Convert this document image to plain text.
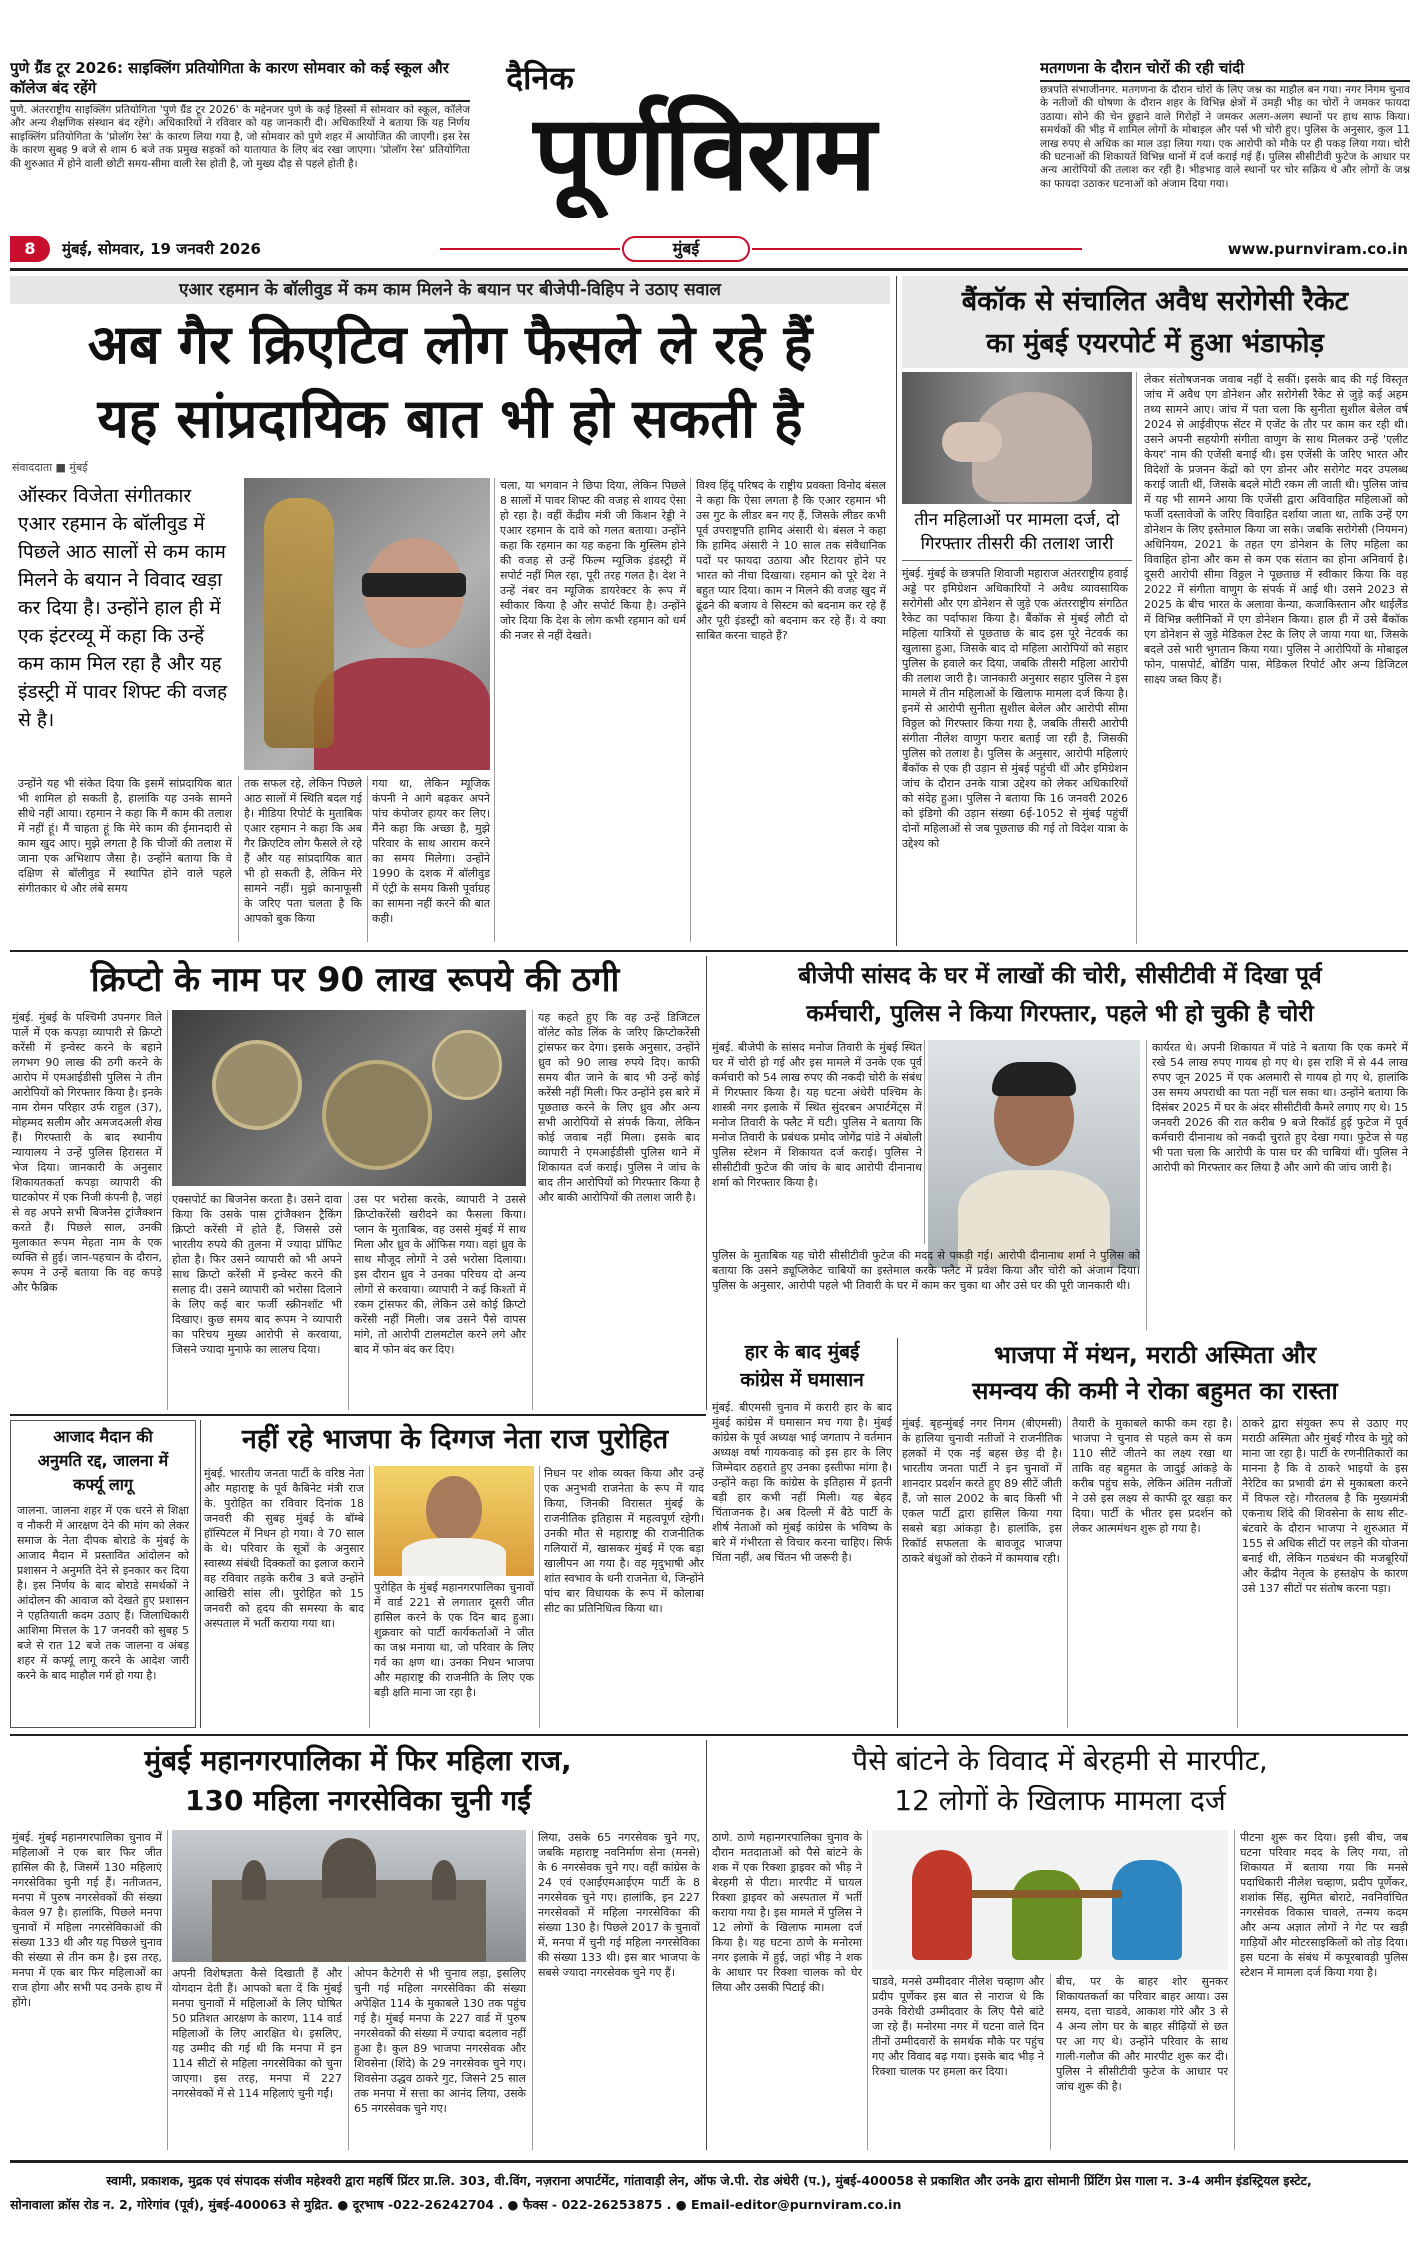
पुणे ग्रैंड टूर 2026: साइक्लिंग प्रतियोगिता के कारण सोमवार को कई स्कूल और कॉलेज बंद रहेंगे
पुणे. अंतरराष्ट्रीय साइक्लिंग प्रतियोगिता 'पुणे ग्रैंड टूर 2026' के मद्देनजर पुणे के कई हिस्सों में सोमवार को स्कूल, कॉलेज और अन्य शैक्षणिक संस्थान बंद रहेंगे। अधिकारियों ने रविवार को यह जानकारी दी। अधिकारियों ने बताया कि यह निर्णय साइक्लिंग प्रतियोगिता के 'प्रोलॉग रेस' के कारण लिया गया है, जो सोमवार को पुणे शहर में आयोजित की जाएगी। इस रेस के कारण सुबह 9 बजे से शाम 6 बजे तक प्रमुख सड़कों को यातायात के लिए बंद रखा जाएगा। 'प्रोलॉग रेस' प्रतियोगिता की शुरुआत में होने वाली छोटी समय-सीमा वाली रेस होती है, जो मुख्य दौड़ से पहले होती है।
दैनिक
पूर्णविराम
मतगणना के दौरान चोरों की रही चांदी
छत्रपति संभाजीनगर. मतगणना के दौरान चोरों के लिए जश्न का माहौल बन गया। नगर निगम चुनाव के नतीजों की घोषणा के दौरान शहर के विभिन्न क्षेत्रों में उमड़ी भीड़ का चोरों ने जमकर फायदा उठाया। सोने की चेन छुड़ाने वाले गिरोहों ने जमकर अलग-अलग स्थानों पर हाथ साफ किया। समर्थकों की भीड़ में शामिल लोगों के मोबाइल और पर्स भी चोरी हुए। पुलिस के अनुसार, कुल 11 लाख रुपए से अधिक का माल उड़ा लिया गया। एक आरोपी को मौके पर ही पकड़ लिया गया। चोरी की घटनाओं की शिकायतें विभिन्न थानों में दर्ज कराई गई हैं। पुलिस सीसीटीवी फुटेज के आधार पर अन्य आरोपियों की तलाश कर रही है। भीड़भाड़ वाले स्थानों पर चोर सक्रिय थे और लोगों के जश्न का फायदा उठाकर घटनाओं को अंजाम दिया गया।
8	मुंबई, सोमवार, 19 जनवरी 2026	मुंबई	www.purnviram.co.in
एआर रहमान के बॉलीवुड में कम काम मिलने के बयान पर बीजेपी-विहिप ने उठाए सवाल
अब गैर क्रिएटिव लोग फैसले ले रहे हैं
यह सांप्रदायिक बात भी हो सकती है
संवाददाता ■ मुंबई
ऑस्कर विजेता संगीतकार एआर रहमान के बॉलीवुड में पिछले आठ सालों से कम काम मिलने के बयान ने विवाद खड़ा कर दिया है। उन्होंने हाल ही में एक इंटरव्यू में कहा कि उन्हें कम काम मिल रहा है और यह इंडस्ट्री में पावर शिफ्ट की वजह से है।
उन्होंने यह भी संकेत दिया कि इसमें सांप्रदायिक बात भी शामिल हो सकती है, हालांकि यह उनके सामने सीधे नहीं आया। रहमान ने कहा कि मैं काम की तलाश में नहीं हूं। मैं चाहता हूं कि मेरे काम की ईमानदारी से काम खुद आए। मुझे लगता है कि चीजों की तलाश में जाना एक अभिशाप जैसा है। उन्होंने बताया कि वे दक्षिण से बॉलीवुड में स्थापित होने वाले पहले संगीतकार थे और लंबे समय
तक सफल रहे, लेकिन पिछले आठ सालों में स्थिति बदल गई है। मीडिया रिपोर्ट के मुताबिक एआर रहमान ने कहा कि अब गैर क्रिएटिव लोग फैसले ले रहे हैं और यह सांप्रदायिक बात भी हो सकती है, लेकिन मेरे सामने नहीं। मुझे कानाफूसी के जरिए पता चलता है कि आपको बुक किया
गया था, लेकिन म्यूजिक कंपनी ने आगे बढ़कर अपने पांच कंपोजर हायर कर लिए। मैंने कहा कि अच्छा है, मुझे परिवार के साथ आराम करने का समय मिलेगा। उन्होंने 1990 के दशक में बॉलीवुड में एंट्री के समय किसी पूर्वाग्रह का सामना नहीं करने की बात कही।
चला, या भगवान ने छिपा दिया, लेकिन पिछले 8 सालों में पावर शिफ्ट की वजह से शायद ऐसा हो रहा है। वहीं केंद्रीय मंत्री जी किशन रेड्डी ने एआर रहमान के दावे को गलत बताया। उन्होंने कहा कि रहमान का यह कहना कि मुस्लिम होने की वजह से उन्हें फिल्म म्यूजिक इंडस्ट्री में सपोर्ट नहीं मिल रहा, पूरी तरह गलत है। देश ने उन्हें नंबर वन म्यूजिक डायरेक्टर के रूप में स्वीकार किया है और सपोर्ट किया है। उन्होंने जोर दिया कि देश के लोग कभी रहमान को धर्म की नजर से नहीं देखते।
विश्व हिंदू परिषद के राष्ट्रीय प्रवक्ता विनोद बंसल ने कहा कि ऐसा लगता है कि एआर रहमान भी उस गुट के लीडर बन गए हैं, जिसके लीडर कभी पूर्व उपराष्ट्रपति हामिद अंसारी थे। बंसल ने कहा कि हामिद अंसारी ने 10 साल तक संवैधानिक पदों पर फायदा उठाया और रिटायर होने पर भारत को नीचा दिखाया। रहमान को पूरे देश ने बहुत प्यार दिया। काम न मिलने की वजह खुद में ढूंढने की बजाय वे सिस्टम को बदनाम कर रहे हैं और पूरी इंडस्ट्री को बदनाम कर रहे हैं। ये क्या साबित करना चाहते हैं?
बैंकॉक से संचालित अवैध सरोगेसी रैकेट
का मुंबई एयरपोर्ट में हुआ भंडाफोड़
तीन महिलाओं पर मामला दर्ज, दो गिरफ्तार तीसरी की तलाश जारी
मुंबई. मुंबई के छत्रपति शिवाजी महाराज अंतरराष्ट्रीय हवाई अड्डे पर इमिग्रेशन अधिकारियों ने अवैध व्यावसायिक सरोगेसी और एग डोनेशन से जुड़े एक अंतरराष्ट्रीय संगठित रैकेट का पर्दाफाश किया है। बैंकॉक से मुंबई लौटी दो महिला यात्रियों से पूछताछ के बाद इस पूरे नेटवर्क का खुलासा हुआ, जिसके बाद दो महिला आरोपियों को सहार पुलिस के हवाले कर दिया, जबकि तीसरी महिला आरोपी की तलाश जारी है। जानकारी अनुसार सहार पुलिस ने इस मामले में तीन महिलाओं के खिलाफ मामला दर्ज किया है। इनमें से आरोपी सुनीता सुशील बेलेल और आरोपी सीमा विठ्ठल को गिरफ्तार किया गया है, जबकि तीसरी आरोपी संगीता नीलेश वाणुग फरार बताई जा रही है, जिसकी पुलिस को तलाश है। पुलिस के अनुसार, आरोपी महिलाएं बैंकॉक से एक ही उड़ान से मुंबई पहुंची थीं और इमिग्रेशन जांच के दौरान उनके यात्रा उद्देश्य को लेकर अधिकारियों को संदेह हुआ। पुलिस ने बताया कि 16 जनवरी 2026 को इंडिगो की उड़ान संख्या 6ई-1052 से मुंबई पहुंचीं दोनों महिलाओं से जब पूछताछ की गई तो विदेश यात्रा के उद्देश्य को
लेकर संतोषजनक जवाब नहीं दे सकीं। इसके बाद की गई विस्तृत जांच में अवैध एग डोनेशन और सरोगेसी रैकेट से जुड़े कई अहम तथ्य सामने आए। जांच में पता चला कि सुनीता सुशील बेलेल वर्ष 2024 से आईवीएफ सेंटर में एजेंट के तौर पर काम कर रही थी। उसने अपनी सहयोगी संगीता वाणुग के साथ मिलकर उन्हें 'एलीट केयर' नाम की एजेंसी बनाई थी। इस एजेंसी के जरिए भारत और विदेशों के प्रजनन केंद्रों को एग डोनर और सरोगेट मदर उपलब्ध कराई जाती थीं, जिसके बदले मोटी रकम ली जाती थी। पुलिस जांच में यह भी सामने आया कि एजेंसी द्वारा अविवाहित महिलाओं को फर्जी दस्तावेजों के जरिए विवाहित दर्शाया जाता था, ताकि उन्हें एग डोनेशन के लिए इस्तेमाल किया जा सके। जबकि सरोगेसी (नियमन) अधिनियम, 2021 के तहत एग डोनेशन के लिए महिला का विवाहित होना और कम से कम एक संतान का होना अनिवार्य है। दूसरी आरोपी सीमा विठ्ठल ने पूछताछ में स्वीकार किया कि वह 2022 में संगीता वाणुग के संपर्क में आई थी। उसने 2023 से 2025 के बीच भारत के अलावा केन्या, कजाकिस्तान और थाईलैंड में विभिन्न क्लीनिकों में एग डोनेशन किया। हाल ही में उसे बैंकॉक एग डोनेशन से जुड़े मेडिकल टेस्ट के लिए ले जाया गया था, जिसके बदले उसे भारी भुगतान किया गया। पुलिस ने आरोपियों के मोबाइल फोन, पासपोर्ट, बोर्डिंग पास, मेडिकल रिपोर्ट और अन्य डिजिटल साक्ष्य जब्त किए हैं।
क्रिप्टो के नाम पर 90 लाख रूपये की ठगी
मुंबई. मुंबई के पश्चिमी उपनगर विले पार्ले में एक कपड़ा व्यापारी से क्रिप्टो करेंसी में इन्वेस्ट करने के बहाने लगभग 90 लाख की ठगी करने के आरोप में एमआईडीसी पुलिस ने तीन आरोपियों को गिरफ्तार किया है। इनके नाम रोमन परिहार उर्फ राहुल (37), मोहम्मद सलीम और अमजदअली शेख हैं। गिरफ्तारी के बाद स्थानीय न्यायालय ने उन्हें पुलिस हिरासत में भेज दिया। जानकारी के अनुसार शिकायतकर्ता कपड़ा व्यापारी की घाटकोपर में एक निजी कंपनी है, जहां से वह अपने सभी बिजनेस ट्रांजैक्शन करते हैं। पिछले साल, उनकी मुलाकात रूपम मेहता नाम के एक व्यक्ति से हुई। जान-पहचान के दौरान, रूपम ने उन्हें बताया कि वह कपड़े और फैब्रिक
एक्सपोर्ट का बिजनेस करता है। उसने दावा किया कि उसके पास ट्रांजैक्शन ट्रैकिंग क्रिप्टो करेंसी में होते हैं, जिससे उसे भारतीय रुपये की तुलना में ज्यादा प्रॉफिट होता है। फिर उसने व्यापारी को भी अपने साथ क्रिप्टो करेंसी में इन्वेस्ट करने की सलाह दी। उसने व्यापारी को भरोसा दिलाने के लिए कई बार फर्जी स्क्रीनशॉट भी दिखाए। कुछ समय बाद रूपम ने व्यापारी का परिचय मुख्य आरोपी से करवाया, जिसने ज्यादा मुनाफे का लालच दिया।
उस पर भरोसा करके, व्यापारी ने उससे क्रिप्टोकरेंसी खरीदने का फैसला किया। प्लान के मुताबिक, वह उससे मुंबई में साथ मिला और ध्रुव के ऑफिस गया। वहां ध्रुव के साथ मौजूद लोगों ने उसे भरोसा दिलाया। इस दौरान ध्रुव ने उनका परिचय दो अन्य लोगों से करवाया। व्यापारी ने कई किश्तों में रकम ट्रांसफर की, लेकिन उसे कोई क्रिप्टो करेंसी नहीं मिली। जब उसने पैसे वापस मांगे, तो आरोपी टालमटोल करने लगे और बाद में फोन बंद कर दिए।
यह कहते हुए कि वह उन्हें डिजिटल वॉलेट कोड लिंक के जरिए क्रिप्टोकरेंसी ट्रांसफर कर देगा। इसके अनुसार, उन्होंने ध्रुव को 90 लाख रुपये दिए। काफी समय बीत जाने के बाद भी उन्हें कोई करेंसी नहीं मिली। फिर उन्होंने इस बारे में पूछताछ करने के लिए ध्रुव और अन्य सभी आरोपियों से संपर्क किया, लेकिन कोई जवाब नहीं मिला। इसके बाद व्यापारी ने एमआईडीसी पुलिस थाने में शिकायत दर्ज कराई। पुलिस ने जांच के बाद तीन आरोपियों को गिरफ्तार किया है और बाकी आरोपियों की तलाश जारी है।
बीजेपी सांसद के घर में लाखों की चोरी, सीसीटीवी में दिखा पूर्व
कर्मचारी, पुलिस ने किया गिरफ्तार, पहले भी हो चुकी है चोरी
मुंबई. बीजेपी के सांसद मनोज तिवारी के मुंबई स्थित घर में चोरी हो गई और इस मामले में उनके एक पूर्व कर्मचारी को 54 लाख रुपए की नकदी चोरी के संबंध में गिरफ्तार किया है। यह घटना अंधेरी पश्चिम के शास्त्री नगर इलाके में स्थित सुंदरबन अपार्टमेंट्स में मनोज तिवारी के फ्लैट में घटी। पुलिस ने बताया कि मनोज तिवारी के प्रबंधक प्रमोद जोगेंद्र पांडे ने अंबोली पुलिस स्टेशन में शिकायत दर्ज कराई। पुलिस ने सीसीटीवी फुटेज की जांच के बाद आरोपी दीनानाथ शर्मा को गिरफ्तार किया है।
कार्यरत थे। अपनी शिकायत में पांडे ने बताया कि एक कमरे में रखे 54 लाख रुपए गायब हो गए थे। इस राशि में से 44 लाख रुपए जून 2025 में एक अलमारी से गायब हो गए थे, हालांकि उस समय अपराधी का पता नहीं चल सका था। उन्होंने बताया कि दिसंबर 2025 में घर के अंदर सीसीटीवी कैमरे लगाए गए थे। 15 जनवरी 2026 की रात करीब 9 बजे रिकॉर्ड हुई फुटेज में पूर्व कर्मचारी दीनानाथ को नकदी चुराते हुए देखा गया। फुटेज से यह भी पता चला कि आरोपी के पास घर की चाबियां थीं। पुलिस ने आरोपी को गिरफ्तार कर लिया है और आगे की जांच जारी है।
पुलिस के मुताबिक यह चोरी सीसीटीवी फुटेज की मदद से पकड़ी गई। आरोपी दीनानाथ शर्मा ने पुलिस को बताया कि उसने ड्यूप्लिकेट चाबियों का इस्तेमाल करके फ्लैट में प्रवेश किया और चोरी को अंजाम दिया। पुलिस के अनुसार, आरोपी पहले भी तिवारी के घर में काम कर चुका था और उसे घर की पूरी जानकारी थी।
हार के बाद मुंबई
कांग्रेस में घमासान
मुंबई. बीएमसी चुनाव में करारी हार के बाद मुंबई कांग्रेस में घमासान मच गया है। मुंबई कांग्रेस के पूर्व अध्यक्ष भाई जगताप ने वर्तमान अध्यक्ष वर्षा गायकवाड़ को इस हार के लिए जिम्मेदार ठहराते हुए उनका इस्तीफा मांगा है। उन्होंने कहा कि कांग्रेस के इतिहास में इतनी बड़ी हार कभी नहीं मिली। यह बेहद चिंताजनक है। अब दिल्ली में बैठे पार्टी के शीर्ष नेताओं को मुंबई कांग्रेस के भविष्य के बारे में गंभीरता से विचार करना चाहिए। सिर्फ चिंता नहीं, अब चिंतन भी जरूरी है।
भाजपा में मंथन, मराठी अस्मिता और
समन्वय की कमी ने रोका बहुमत का रास्ता
मुंबई. बृहन्मुंबई नगर निगम (बीएमसी) के हालिया चुनावी नतीजों ने राजनीतिक हलकों में एक नई बहस छेड़ दी है। भारतीय जनता पार्टी ने इन चुनावों में शानदार प्रदर्शन करते हुए 89 सीटें जीती हैं, जो साल 2002 के बाद किसी भी एकल पार्टी द्वारा हासिल किया गया सबसे बड़ा आंकड़ा है। हालांकि, इस रिकॉर्ड सफलता के बावजूद भाजपा ठाकरे बंधुओं को रोकने में कामयाब रही।
तैयारी के मुकाबले काफी कम रहा है। भाजपा ने चुनाव से पहले कम से कम 110 सीटें जीतने का लक्ष्य रखा था ताकि वह बहुमत के जादुई आंकड़े के करीब पहुंच सके, लेकिन अंतिम नतीजों ने उसे इस लक्ष्य से काफी दूर खड़ा कर दिया। पार्टी के भीतर इस प्रदर्शन को लेकर आत्ममंथन शुरू हो गया है।
ठाकरे द्वारा संयुक्त रूप से उठाए गए मराठी अस्मिता और मुंबई गौरव के मुद्दे को माना जा रहा है। पार्टी के रणनीतिकारों का मानना है कि वे ठाकरे भाइयों के इस नैरेटिव का प्रभावी ढंग से मुकाबला करने में विफल रहे। गौरतलब है कि मुख्यमंत्री एकनाथ शिंदे की शिवसेना के साथ सीट-बंटवारे के दौरान भाजपा ने शुरुआत में 155 से अधिक सीटों पर लड़ने की योजना बनाई थी, लेकिन गठबंधन की मजबूरियों और केंद्रीय नेतृत्व के हस्तक्षेप के कारण उसे 137 सीटों पर संतोष करना पड़ा।
आजाद मैदान की
अनुमति रद्द, जालना में
कर्फ्यू लागू
जालना. जालना शहर में एक धरने से शिक्षा व नौकरी में आरक्षण देने की मांग को लेकर समाज के नेता दीपक बोराडे के मुंबई के आजाद मैदान में प्रस्तावित आंदोलन को प्रशासन ने अनुमति देने से इनकार कर दिया है। इस निर्णय के बाद बोराडे समर्थकों ने आंदोलन की आवाज को देखते हुए प्रशासन ने एहतियाती कदम उठाए हैं। जिलाधिकारी आशिमा मित्तल के 17 जनवरी को सुबह 5 बजे से रात 12 बजे तक जालना व अंबड़ शहर में कर्फ्यू लागू करने के आदेश जारी करने के बाद माहौल गर्म हो गया है।
नहीं रहे भाजपा के दिग्गज नेता राज पुरोहित
मुंबई. भारतीय जनता पार्टी के वरिष्ठ नेता और महाराष्ट्र के पूर्व कैबिनेट मंत्री राज के. पुरोहित का रविवार दिनांक 18 जनवरी की सुबह मुंबई के बॉम्बे हॉस्पिटल में निधन हो गया। वे 70 साल के थे। परिवार के सूत्रों के अनुसार स्वास्थ्य संबंधी दिक्कतों का इलाज कराने वह रविवार तड़के करीब 3 बजे उन्होंने आखिरी सांस ली। पुरोहित को 15 जनवरी को हृदय की समस्या के बाद अस्पताल में भर्ती कराया गया था।
पुरोहित के मुंबई महानगरपालिका चुनावों में वार्ड 221 से लगातार दूसरी जीत हासिल करने के एक दिन बाद हुआ। शुक्रवार को पार्टी कार्यकर्ताओं ने जीत का जश्न मनाया था, जो परिवार के लिए गर्व का क्षण था। उनका निधन भाजपा और महाराष्ट्र की राजनीति के लिए एक बड़ी क्षति माना जा रहा है।
निधन पर शोक व्यक्त किया और उन्हें एक अनुभवी राजनेता के रूप में याद किया, जिनकी विरासत मुंबई के राजनीतिक इतिहास में महत्वपूर्ण रहेगी। उनकी मौत से महाराष्ट्र की राजनीतिक गलियारों में, खासकर मुंबई में एक बड़ा खालीपन आ गया है। वह मृदुभाषी और शांत स्वभाव के धनी राजनेता थे, जिन्होंने पांच बार विधायक के रूप में कोलाबा सीट का प्रतिनिधित्व किया था।
मुंबई महानगरपालिका में फिर महिला राज,
130 महिला नगरसेविका चुनी गईं
मुंबई. मुंबई महानगरपालिका चुनाव में महिलाओं ने एक बार फिर जीत हासिल की है, जिसमें 130 महिलाएं नगरसेविका चुनी गई हैं। नतीजतन, मनपा में पुरुष नगरसेवकों की संख्या केवल 97 है। हालांकि, पिछले मनपा चुनावों में महिला नगरसेविकाओं की संख्या 133 थी और यह पिछले चुनाव की संख्या से तीन कम है। इस तरह, मनपा में एक बार फिर महिलाओं का राज होगा और सभी पद उनके हाथ में होंगे।
अपनी विशेषज्ञता कैसे दिखाती हैं और योगदान देती हैं। आपको बता दें कि मुंबई मनपा चुनावों में महिलाओं के लिए घोषित 50 प्रतिशत आरक्षण के कारण, 114 वार्ड महिलाओं के लिए आरक्षित थे। इसलिए, यह उम्मीद की गई थी कि मनपा में इन 114 सीटों से महिला नगरसेविका को चुना जाएगा। इस तरह, मनपा में 227 नगरसेवकों में से 114 महिलाएं चुनी गईं।
ओपन कैटेगरी से भी चुनाव लड़ा, इसलिए चुनी गई महिला नगरसेविका की संख्या अपेक्षित 114 के मुकाबले 130 तक पहुंच गई है। मुंबई मनपा के 227 वार्ड में पुरुष नगरसेवकों की संख्या में ज्यादा बदलाव नहीं हुआ है। कुल 89 भाजपा नगरसेवक और शिवसेना (शिंदे) के 29 नगरसेवक चुने गए। शिवसेना उद्धव ठाकरे गुट, जिसने 25 साल तक मनपा में सत्ता का आनंद लिया, उसके 65 नगरसेवक चुने गए।
लिया, उसके 65 नगरसेवक चुने गए, जबकि महाराष्ट्र नवनिर्माण सेना (मनसे) के 6 नगरसेवक चुने गए। वहीं कांग्रेस के 24 एवं एआईएमआईएम पार्टी के 8 नगरसेवक चुने गए। हालांकि, इन 227 नगरसेवकों में महिला नगरसेविका की संख्या 130 है। पिछले 2017 के चुनावों में, मनपा में चुनी गई महिला नगरसेविका की संख्या 133 थी। इस बार भाजपा के सबसे ज्यादा नगरसेवक चुने गए हैं।
पैसे बांटने के विवाद में बेरहमी से मारपीट,
12 लोगों के खिलाफ मामला दर्ज
ठाणे. ठाणे महानगरपालिका चुनाव के दौरान मतदाताओं को पैसे बांटने के शक में एक रिक्शा ड्राइवर को भीड़ ने बेरहमी से पीटा। मारपीट में घायल रिक्शा ड्राइवर को अस्पताल में भर्ती कराया गया है। इस मामले में पुलिस ने 12 लोगों के खिलाफ मामला दर्ज किया है। यह घटना ठाणे के मनोरमा नगर इलाके में हुई, जहां भीड़ ने शक के आधार पर रिक्शा चालक को घेर लिया और उसकी पिटाई की।	चाडवे, मनसे उम्मीदवार नीलेश चव्हाण और प्रदीप पूर्णेकर इस बात से नाराज थे कि उनके विरोधी उम्मीदवार के लिए पैसे बांटे जा रहे हैं। मनोरमा नगर में घटना वाले दिन तीनों उम्मीदवारों के समर्थक मौके पर पहुंच गए और विवाद बढ़ गया। इसके बाद भीड़ ने रिक्शा चालक पर हमला कर दिया।
बीच, पर के बाहर शोर सुनकर शिकायतकर्ता का परिवार बाहर आया। उस समय, दत्ता चाडवे, आकाश गोरे और 3 से 4 अन्य लोग घर के बाहर सीढ़ियों से छत पर आ गए थे। उन्होंने परिवार के साथ गाली-गलौज की और मारपीट शुरू कर दी। पुलिस ने सीसीटीवी फुटेज के आधार पर जांच शुरू की है।
पीटना शुरू कर दिया। इसी बीच, जब घटना परिवार मदद के लिए गया, तो शिकायत में बताया गया कि मनसे पदाधिकारी नीलेश चव्हाण, प्रदीप पूर्णेकर, शशांक सिंह, सुमित बोराटे, नवनिर्वाचित नगरसेवक विकास चावले, तन्मय कदम और अन्य अज्ञात लोगों ने गेट पर खड़ी गाड़ियों और मोटरसाइकिलों को तोड़ दिया। इस घटना के संबंध में कपूरबावड़ी पुलिस स्टेशन में मामला दर्ज किया गया है।
स्वामी, प्रकाशक, मुद्रक एवं संपादक संजीव महेश्वरी द्वारा महर्षि प्रिंटर प्रा.लि. 303, वी.विंग, नज़राना अपार्टमेंट, गांतावाड़ी लेन, ऑफ जे.पी. रोड अंधेरी (प.), मुंबई-400058 से प्रकाशित और उनके द्वारा सोमानी प्रिंटिंग प्रेस गाला न. 3-4 अमीन इंडस्ट्रियल इस्टेट,
सोनावाला क्रॉस रोड न. 2, गोरेगांव (पूर्व), मुंबई-400063 से मुद्रित. ● दूरभाष -022-26242704 . ● फैक्स - 022-26253875 . ● Email-editor@purnviram.co.in
